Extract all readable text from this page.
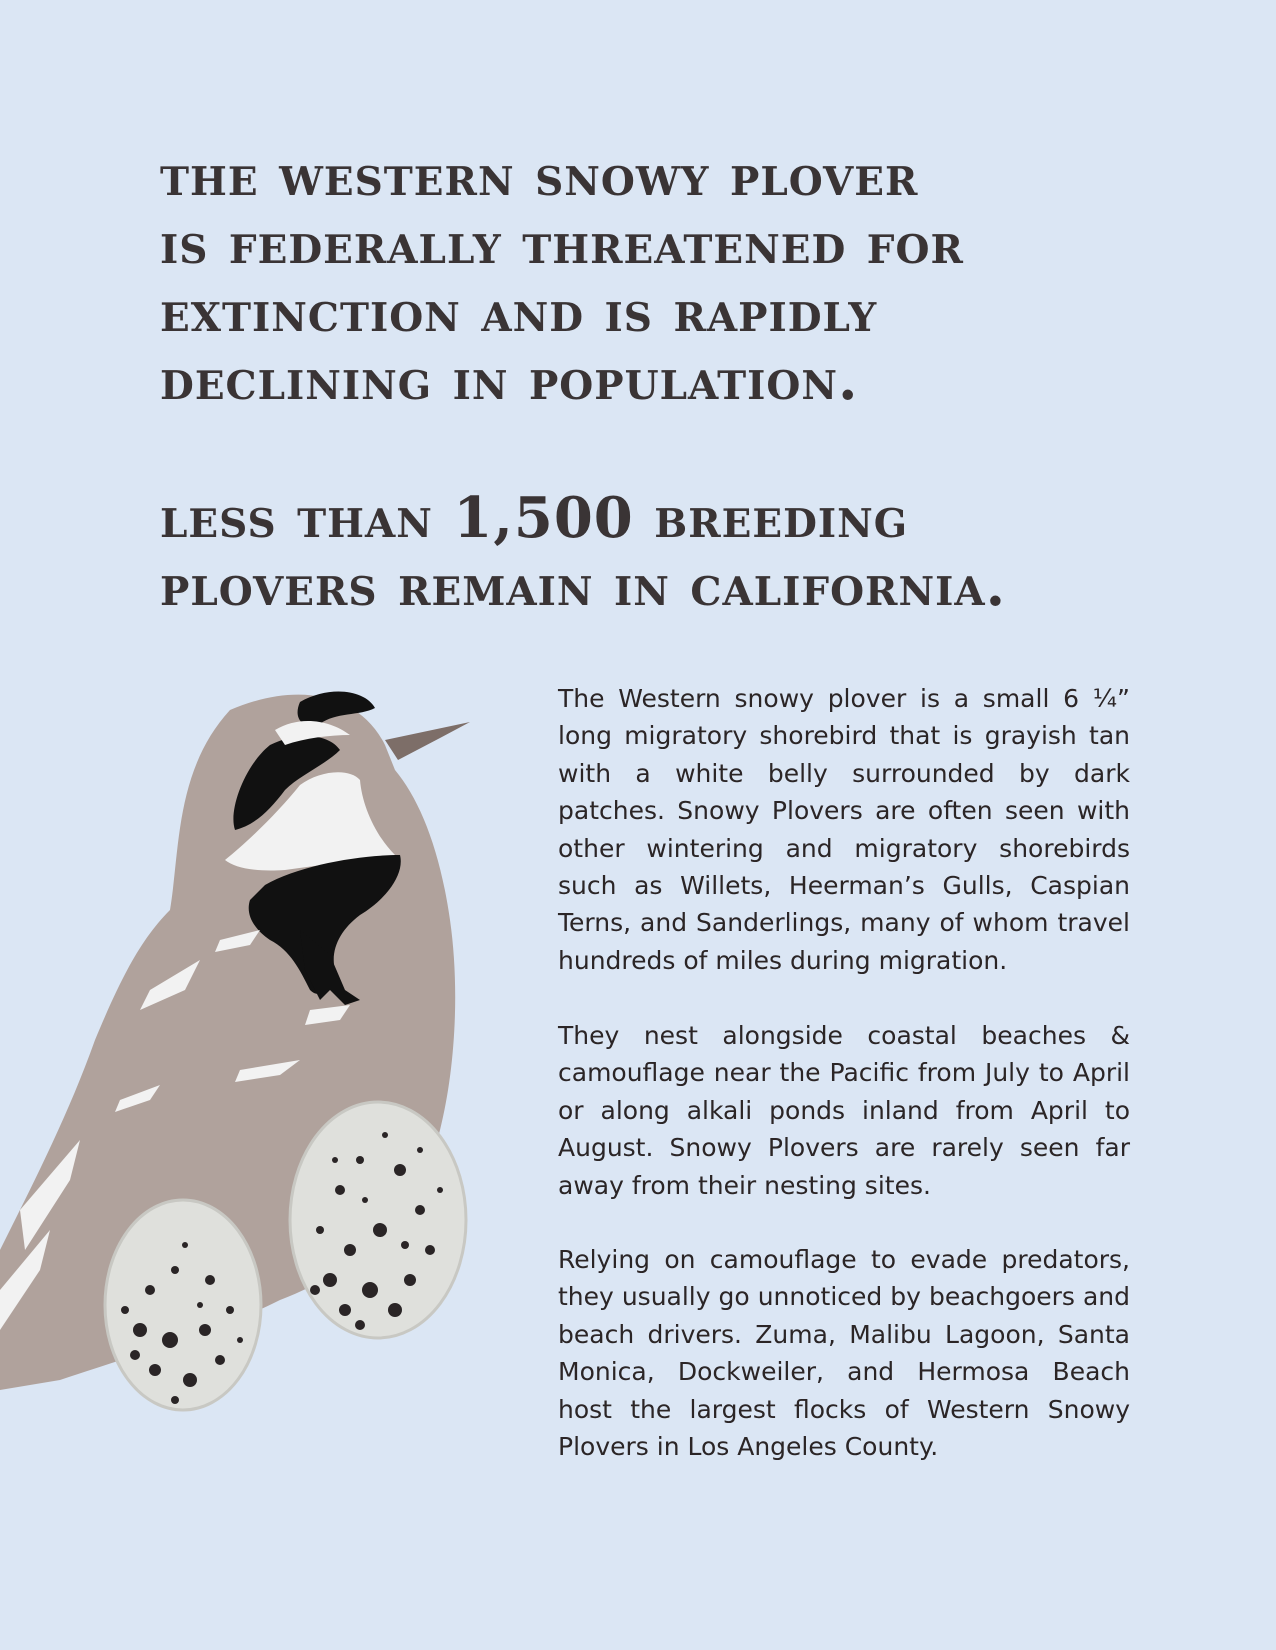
the western snowy plover
is federally threatened for
extinction and is rapidly
declining in population.
less than 1,500 breeding
plovers remain in california.

The Western snowy plover is a small 6 ¼” long migratory shorebird that is grayish tan with a white belly surrounded by dark patches. Snowy Plovers are often seen with other wintering and migratory shorebirds such as Willets, Heerman’s Gulls, Caspian Terns, and Sanderlings, many of whom travel hundreds of miles during migration.

They nest alongside coastal beaches & camouflage near the Pacific from July to April or along alkali ponds inland from April to August. Snowy Plovers are rarely seen far away from their nesting sites.

Relying on camouflage to evade predators, they usually go unnoticed by beachgoers and beach drivers. Zuma, Malibu Lagoon, Santa Monica, Dockweiler, and Hermosa Beach host the largest flocks of Western Snowy Plovers in Los Angeles County.
